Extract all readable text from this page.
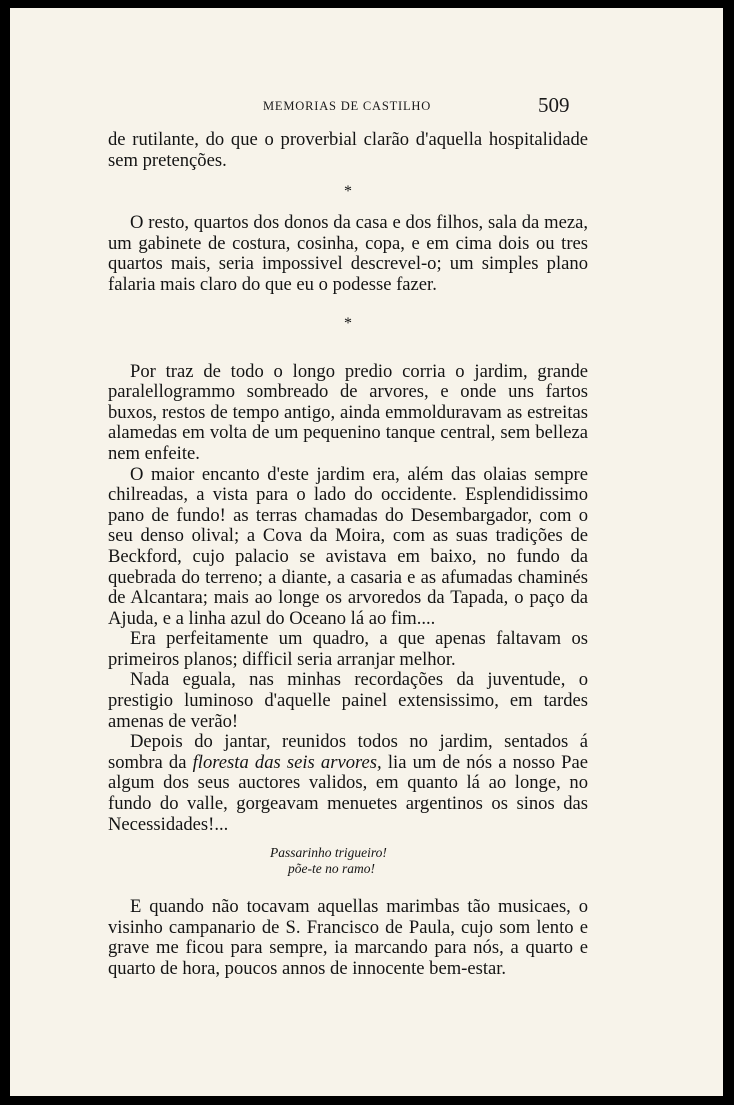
MEMORIAS DE CASTILHO	509

de rutilante, do que o proverbial clarão d'aquella hospitalidade sem pretenções.

*

O resto, quartos dos donos da casa e dos filhos, sala da meza, um gabinete de costura, cosinha, copa, e em cima dois ou tres quartos mais, seria impossivel descrevel-o; um simples plano falaria mais claro do que eu o podesse fazer.

*

Por traz de todo o longo predio corria o jardim, grande paralellogrammo sombreado de arvores, e onde uns fartos buxos, restos de tempo antigo, ainda emmolduravam as estreitas alamedas em volta de um pequenino tanque central, sem belleza nem enfeite.

O maior encanto d'este jardim era, além das olaias sempre chilreadas, a vista para o lado do occidente. Esplendidissimo pano de fundo! as terras chamadas do Desembargador, com o seu denso olival; a Cova da Moira, com as suas tradições de Beckford, cujo palacio se avistava em baixo, no fundo da quebrada do terreno; a diante, a casaria e as afumadas chaminés de Alcantara; mais ao longe os arvoredos da Tapada, o paço da Ajuda, e a linha azul do Oceano lá ao fim....

Era perfeitamente um quadro, a que apenas faltavam os primeiros planos; difficil seria arranjar melhor.

Nada eguala, nas minhas recordações da juventude, o prestigio luminoso d'aquelle painel extensissimo, em tardes amenas de verão!

Depois do jantar, reunidos todos no jardim, sentados á sombra da floresta das seis arvores, lia um de nós a nosso Pae algum dos seus auctores validos, em quanto lá ao longe, no fundo do valle, gorgeavam menuetes argentinos os sinos das Necessidades!...

Passarinho trigueiro!
põe-te no ramo!

E quando não tocavam aquellas marimbas tão musicaes, o visinho campanario de S. Francisco de Paula, cujo som lento e grave me ficou para sempre, ia marcando para nós, a quarto e quarto de hora, poucos annos de innocente bem-estar.
